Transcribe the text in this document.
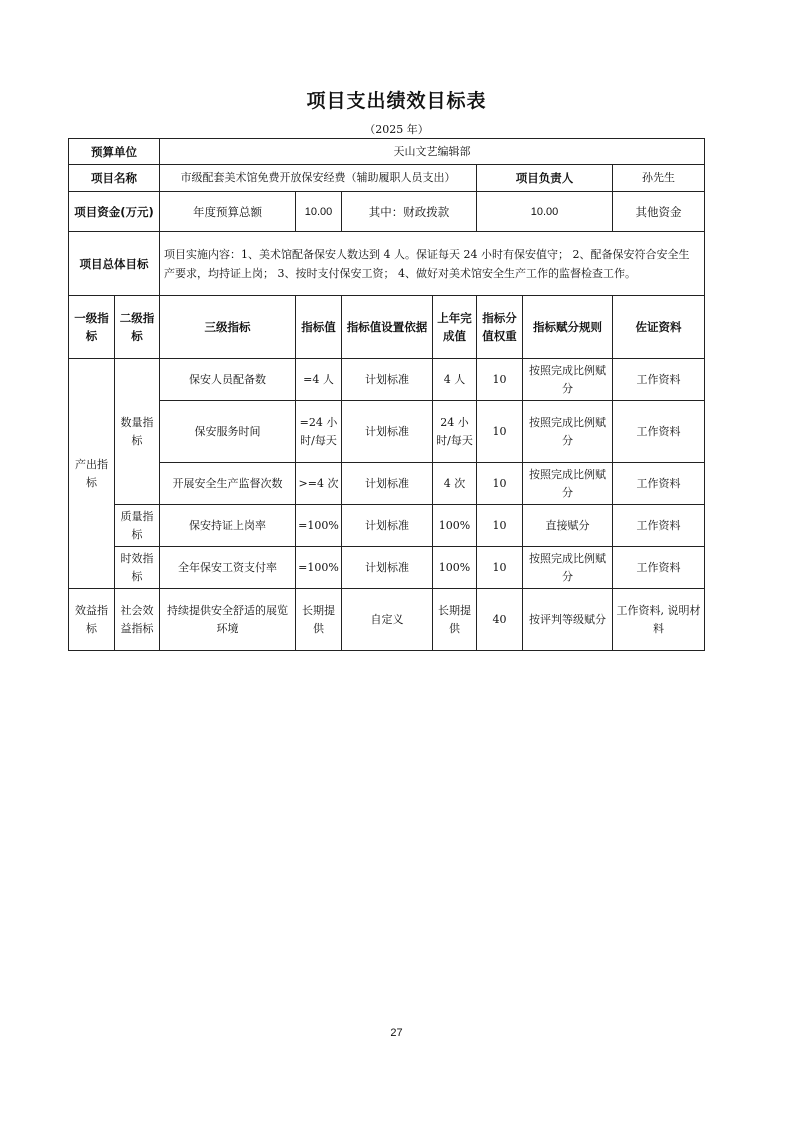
项目支出绩效目标表
（2025 年）
预算单位		天山文艺编辑部							
项目名称		市级配套美术馆免费开放保安经费（辅助履职人员支出）				项目负责人		孙先生	
项目资金(万元)		年度预算总额	10.00	其中：财政拨款		10.00		其他资金	
项目总体目标		项目实施内容：1、美术馆配备保安人数达到 4 人。保证每天 24 小时有保安值守； 2、配备保安符合安全生产要求，均持证上岗； 3、按时支付保安工资； 4、做好对美术馆安全生产工作的监督检查工作。							
一级指标	二级指标	三级指标	指标值	指标值设置依据	上年完成值	指标分值权重	指标赋分规则	佐证资料	
产出指标	数量指标	保安人员配备数	=4 人	计划标准	4 人	10	按照完成比例赋分	工作资料	
		保安服务时间	=24 小时/每天	计划标准	24 小时/每天	10	按照完成比例赋分	工作资料	
		开展安全生产监督次数	>=4 次	计划标准	4 次	10	按照完成比例赋分	工作资料	
	质量指标	保安持证上岗率	=100%	计划标准	100%	10	直接赋分	工作资料	
	时效指标	全年保安工资支付率	=100%	计划标准	100%	10	按照完成比例赋分	工作资料	
效益指标	社会效益指标	持续提供安全舒适的展览环境	长期提供	自定义	长期提供	40	按评判等级赋分	工作资料, 说明材料	
27
